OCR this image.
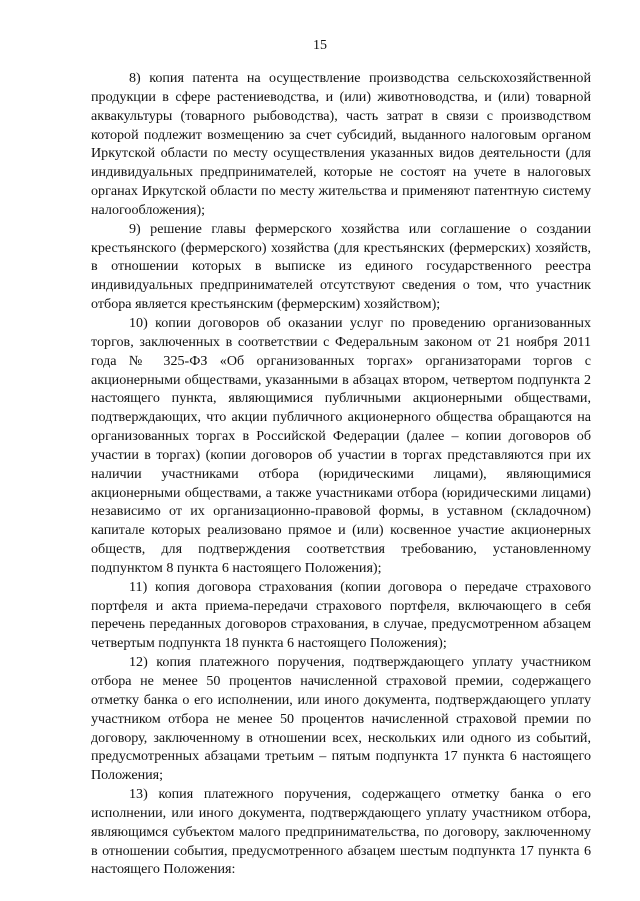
15

8) копия патента на осуществление производства сельскохозяйственной продукции в сфере растениеводства, и (или) животноводства, и (или) товарной аквакультуры (товарного рыбоводства), часть затрат в связи с производством которой подлежит возмещению за счет субсидий, выданного налоговым органом Иркутской области по месту осуществления указанных видов деятельности (для индивидуальных предпринимателей, которые не состоят на учете в налоговых органах Иркутской области по месту жительства и применяют патентную систему налогообложения);

9) решение главы фермерского хозяйства или соглашение о создании крестьянского (фермерского) хозяйства (для крестьянских (фермерских) хозяйств, в отношении которых в выписке из единого государственного реестра индивидуальных предпринимателей отсутствуют сведения о том, что участник отбора является крестьянским (фермерским) хозяйством);

10) копии договоров об оказании услуг по проведению организованных торгов, заключенных в соответствии с Федеральным законом от 21 ноября 2011 года № 325-ФЗ «Об организованных торгах» организаторами торгов с акционерными обществами, указанными в абзацах втором, четвертом подпункта 2 настоящего пункта, являющимися публичными акционерными обществами, подтверждающих, что акции публичного акционерного общества обращаются на организованных торгах в Российской Федерации (далее – копии договоров об участии в торгах) (копии договоров об участии в торгах представляются при их наличии участниками отбора (юридическими лицами), являющимися акционерными обществами, а также участниками отбора (юридическими лицами) независимо от их организационно-правовой формы, в уставном (складочном) капитале которых реализовано прямое и (или) косвенное участие акционерных обществ, для подтверждения соответствия требованию, установленному подпунктом 8 пункта 6 настоящего Положения);

11) копия договора страхования (копии договора о передаче страхового портфеля и акта приема-передачи страхового портфеля, включающего в себя перечень переданных договоров страхования, в случае, предусмотренном абзацем четвертым подпункта 18 пункта 6 настоящего Положения);

12) копия платежного поручения, подтверждающего уплату участником отбора не менее 50 процентов начисленной страховой премии, содержащего отметку банка о его исполнении, или иного документа, подтверждающего уплату участником отбора не менее 50 процентов начисленной страховой премии по договору, заключенному в отношении всех, нескольких или одного из событий, предусмотренных абзацами третьим – пятым подпункта 17 пункта 6 настоящего Положения;

13) копия платежного поручения, содержащего отметку банка о его исполнении, или иного документа, подтверждающего уплату участником отбора, являющимся субъектом малого предпринимательства, по договору, заключенному в отношении события, предусмотренного абзацем шестым подпункта 17 пункта 6 настоящего Положения:
